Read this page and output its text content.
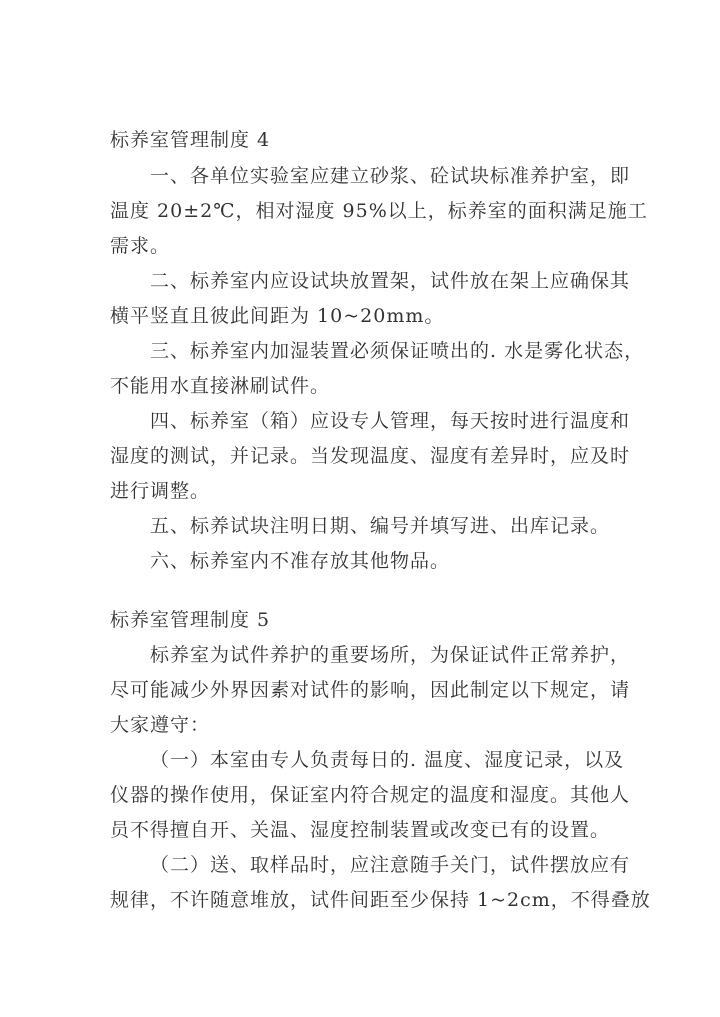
标养室管理制度 4
一、各单位实验室应建立砂浆、砼试块标准养护室，即
温度 20±2℃，相对湿度 95%以上，标养室的面积满足施工
需求。
二、标养室内应设试块放置架，试件放在架上应确保其
横平竖直且彼此间距为 10~20mm。
三、标养室内加湿装置必须保证喷出的. 水是雾化状态，
不能用水直接淋刷试件。
四、标养室（箱）应设专人管理，每天按时进行温度和
湿度的测试，并记录。当发现温度、湿度有差异时，应及时
进行调整。
五、标养试块注明日期、编号并填写进、出库记录。
六、标养室内不准存放其他物品。
标养室管理制度 5
标养室为试件养护的重要场所，为保证试件正常养护，
尽可能减少外界因素对试件的影响，因此制定以下规定，请
大家遵守：
（一）本室由专人负责每日的. 温度、湿度记录，以及
仪器的操作使用，保证室内符合规定的温度和湿度。其他人
员不得擅自开、关温、湿度控制装置或改变已有的设置。
（二）送、取样品时，应注意随手关门，试件摆放应有
规律，不许随意堆放，试件间距至少保持 1~2cm，不得叠放
